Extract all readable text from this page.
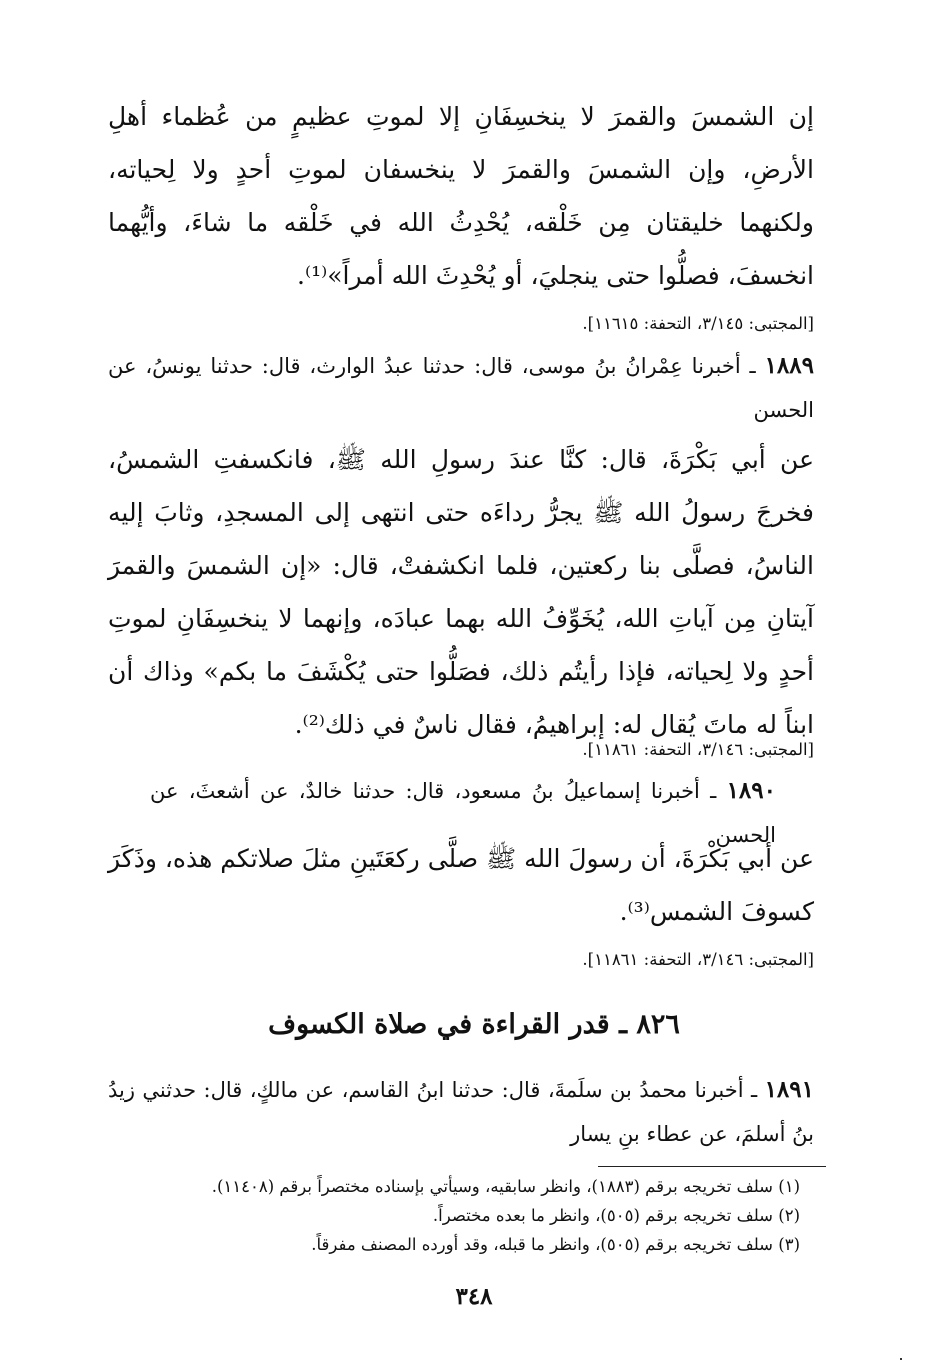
إن الشمسَ والقمرَ لا ينخسِفَانِ إلا لموتِ عظيمٍ من عُظماء أهلِ الأرضِ، وإن الشمسَ والقمرَ لا ينخسفان لموتِ أحدٍ ولا لِحياته، ولكنهما خليقتان مِن خَلْقه، يُحْدِثُ الله في خَلْقه ما شاءَ، وأيُّهما انخسفَ، فصلُّوا حتى ينجليَ، أو يُحْدِثَ الله أمراً»⁽¹⁾.

[المجتبى: ٣/١٤٥، التحفة: ١١٦١٥].

١٨٨٩ ـ أخبرنا عِمْرانُ بنُ موسى، قال: حدثنا عبدُ الوارث، قال: حدثنا يونسُ، عن الحسن

عن أبي بَكْرَةَ، قال: كنَّا عندَ رسولِ الله ﷺ، فانكسفتِ الشمسُ، فخرجَ رسولُ الله ﷺ يجرُّ رداءَه حتى انتهى إلى المسجدِ، وثابَ إليه الناسُ، فصلَّى بنا ركعتين، فلما انكشفتْ، قال: «إن الشمسَ والقمرَ آيتانِ مِن آياتِ الله، يُخَوِّفُ الله بهما عبادَه، وإنهما لا ينخسِفَانِ لموتِ أحدٍ ولا لِحياته، فإذا رأيتُم ذلك، فصَلُّوا حتى يُكْشَفَ ما بكم» وذاك أن ابناً له ماتَ يُقال له: إبراهيمُ، فقال ناسٌ في ذلك⁽²⁾.

[المجتبى: ٣/١٤٦، التحفة: ١١٨٦١].

١٨٩٠ ـ أخبرنا إسماعيلُ بنُ مسعود، قال: حدثنا خالدٌ، عن أشعثَ، عن الحسن

عن أبي بَكْرَةَ، أن رسولَ الله ﷺ صلَّى ركعَتَينِ مثلَ صلاتكم هذه، وذَكَرَ كسوفَ الشمس⁽³⁾.

[المجتبى: ٣/١٤٦، التحفة: ١١٨٦١].

٨٢٦ ـ قدر القراءة في صلاة الكسوف

١٨٩١ ـ أخبرنا محمدُ بن سلَمةَ، قال: حدثنا ابنُ القاسم، عن مالكٍ، قال: حدثني زيدُ بنُ أسلمَ، عن عطاء بنِ يسار

(١) سلف تخريجه برقم (١٨٨٣)، وانظر سابقيه، وسيأتي بإسناده مختصراً برقم (١١٤٠٨).

(٢) سلف تخريجه برقم (٥٠٥)، وانظر ما بعده مختصراً.

(٣) سلف تخريجه برقم (٥٠٥)، وانظر ما قبله، وقد أورده المصنف مفرقاً.

٣٤٨
